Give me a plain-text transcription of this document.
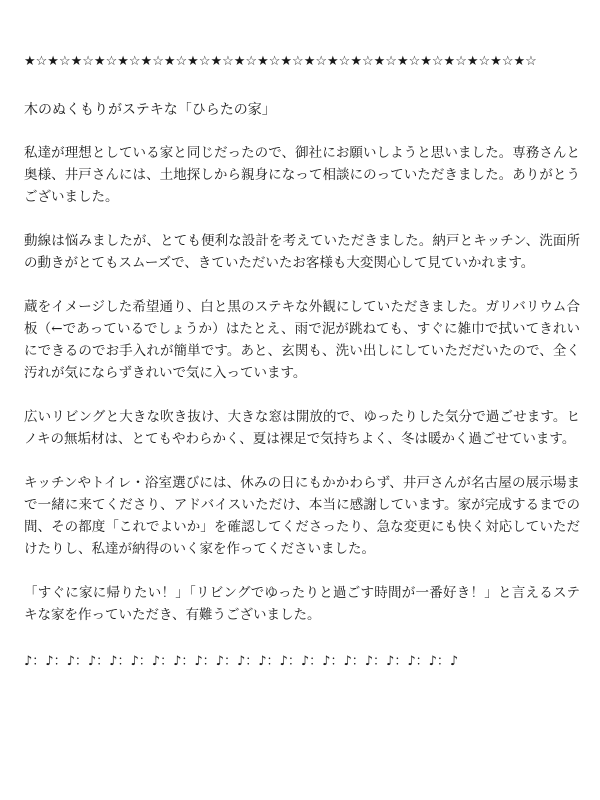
★☆★☆★☆★☆★☆★☆★☆★☆★☆★☆★☆★☆★☆★☆★☆★☆★☆★☆★☆★☆★☆★☆
木のぬくもりがステキな「ひらたの家」

私達が理想としている家と同じだったので、御社にお願いしようと思いました。専務さんと奥様、井戸さんには、土地探しから親身になって相談にのっていただきました。ありがとうございました。

動線は悩みましたが、とても便利な設計を考えていただきました。納戸とキッチン、洗面所の動きがとてもスムーズで、きていただいたお客様も大変関心して見ていかれます。

蔵をイメージした希望通り、白と黒のステキな外観にしていただきました。ガリバリウム合板（←であっているでしょうか）はたとえ、雨で泥が跳ねても、すぐに雑巾で拭いてきれいにできるのでお手入れが簡単です。あと、玄関も、洗い出しにしていただだいたので、全く汚れが気にならずきれいで気に入っています。

広いリビングと大きな吹き抜け、大きな窓は開放的で、ゆったりした気分で過ごせます。ヒノキの無垢材は、とてもやわらかく、夏は裸足で気持ちよく、冬は暖かく過ごせています。

キッチンやトイレ・浴室選びには、休みの日にもかかわらず、井戸さんが名古屋の展示場まで一緒に来てくださり、アドバイスいただけ、本当に感謝しています。家が完成するまでの間、その都度「これでよいか」を確認してくださったり、急な変更にも快く対応していただけたりし、私達が納得のいく家を作ってくださいました。

「すぐに家に帰りたい！」「リビングでゆったりと過ごす時間が一番好き！」と言えるステキな家を作っていただき、有難うございました。

♪：♪：♪：♪：♪：♪：♪：♪：♪：♪：♪：♪：♪：♪：♪：♪：♪：♪：♪：♪：♪
